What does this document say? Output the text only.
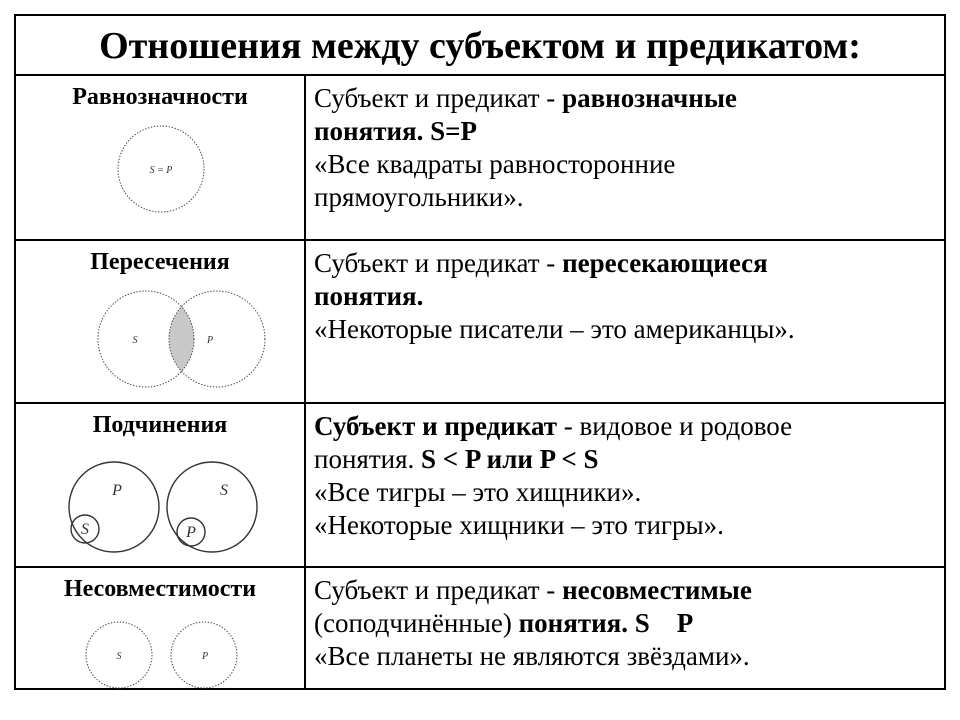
Отношения между субъектом и предикатом:
Равнозначности
S = P
Субъект и предикат - равнозначные
понятия. S=P
«Все квадраты равносторонние
прямоугольники».
Пересечения
S	P
Субъект и предикат - пересекающиеся
понятия.
«Некоторые писатели – это американцы».
Подчинения
P
S
S
P
Субъект и предикат - видовое и родовое
понятия. S < P или P < S
«Все тигры – это хищники».
«Некоторые хищники – это тигры».
Несовместимости
S	P
Субъект и предикат - несовместимые
(соподчинённые) понятия. S    P
«Все планеты не являются звёздами».
